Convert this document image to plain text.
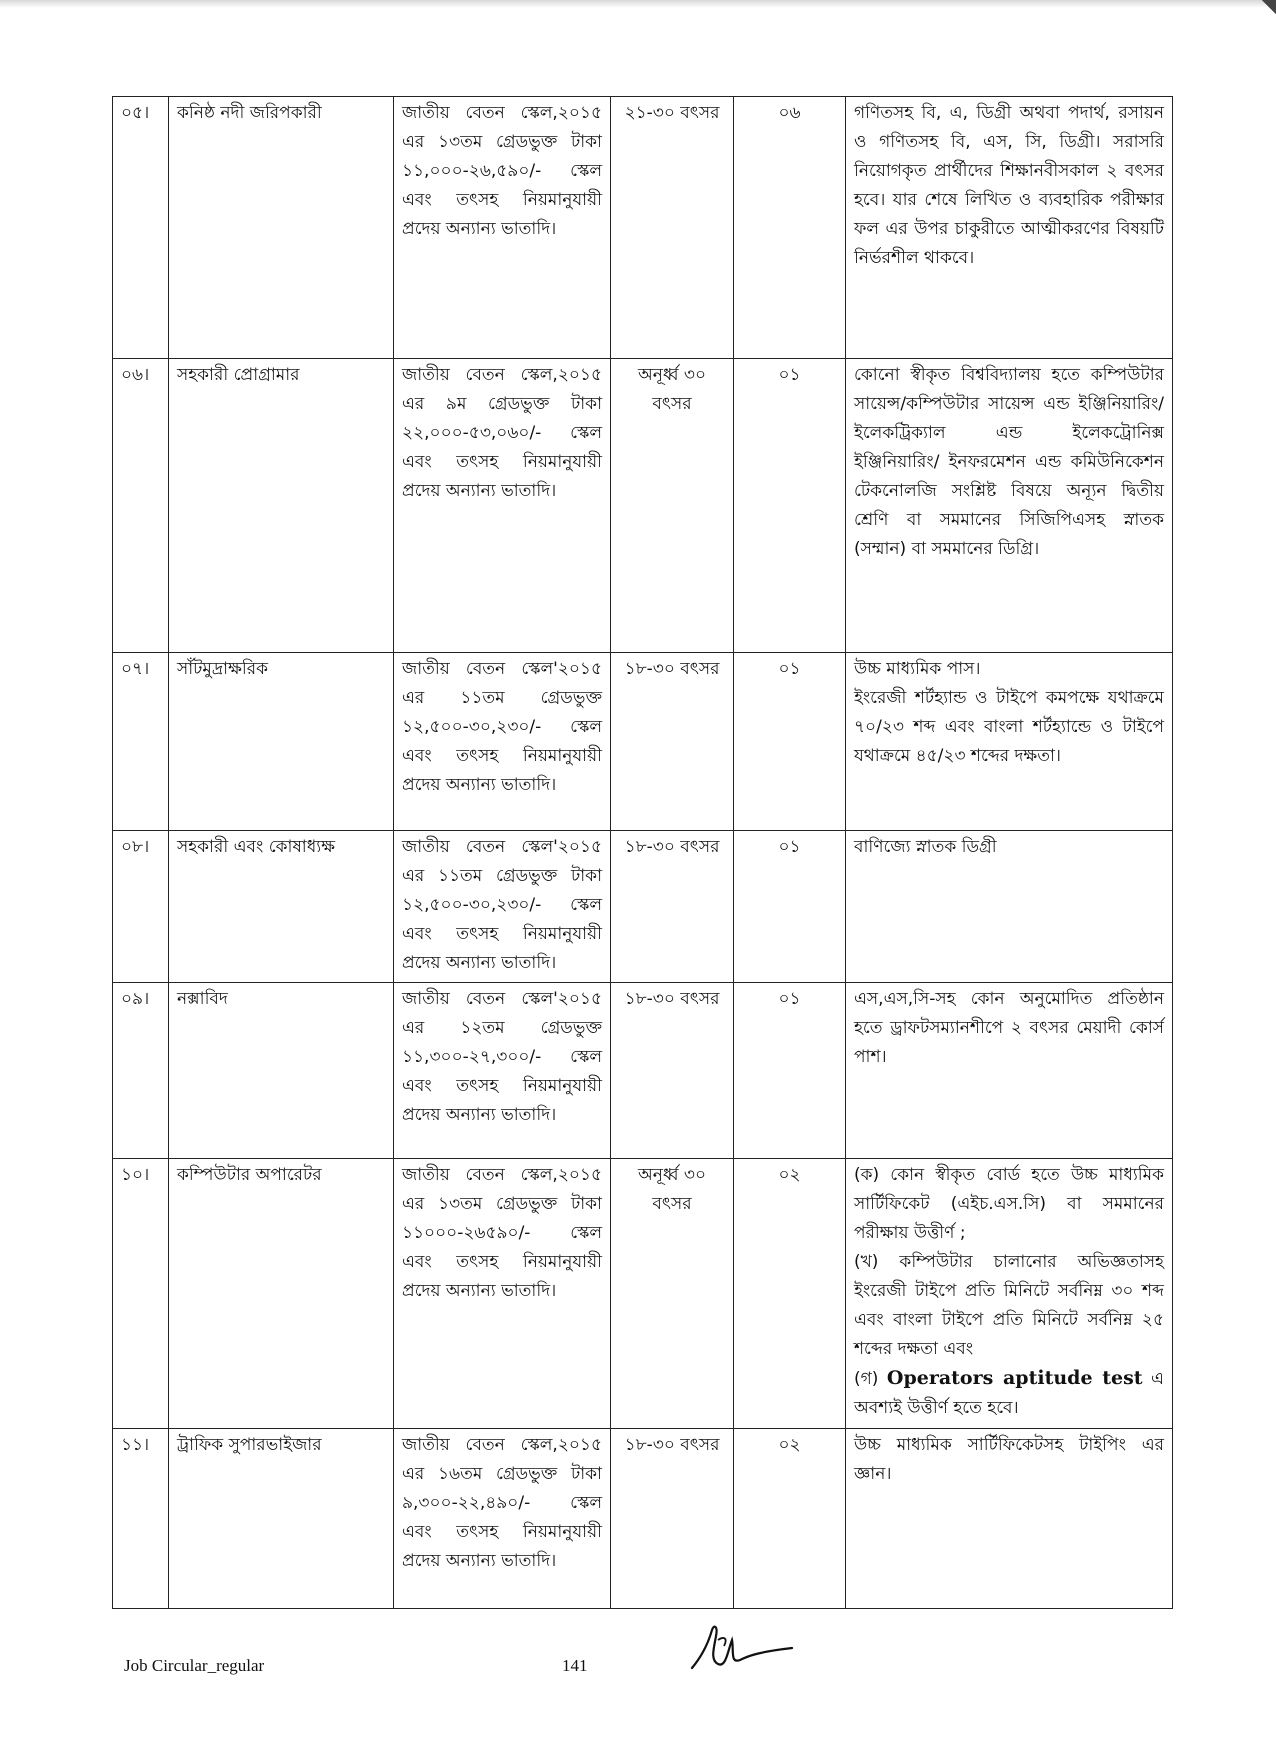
০৫।	কনিষ্ঠ নদী জরিপকারী	জাতীয় বেতন স্কেল,২০১৫ এর ১৩তম গ্রেডভুক্ত টাকা ১১,০০০-২৬,৫৯০/- স্কেল এবং তৎসহ নিয়মানুযায়ী প্রদেয় অন্যান্য ভাতাদি।	২১-৩০ বৎসর	০৬	গণিতসহ বি, এ, ডিগ্রী অথবা পদার্থ, রসায়ন ও গণিতসহ বি, এস, সি, ডিগ্রী। সরাসরি নিয়োগকৃত প্রার্থীদের শিক্ষানবীসকাল ২ বৎসর হবে। যার শেষে লিখিত ও ব্যবহারিক পরীক্ষার ফল এর উপর চাকুরীতে আত্মীকরণের বিষয়টি নির্ভরশীল থাকবে।
০৬।	সহকারী প্রোগ্রামার	জাতীয় বেতন স্কেল,২০১৫ এর ৯ম গ্রেডভুক্ত টাকা ২২,০০০-৫৩,০৬০/- স্কেল এবং তৎসহ নিয়মানুযায়ী প্রদেয় অন্যান্য ভাতাদি।	অনূর্ধ্ব ৩০ বৎসর	০১	কোনো স্বীকৃত বিশ্ববিদ্যালয় হতে কম্পিউটার সায়েন্স/কম্পিউটার সায়েন্স এন্ড ইঞ্জিনিয়ারিং/ ইলেকট্রিক্যাল এন্ড ইলেকট্রোনিক্স ইঞ্জিনিয়ারিং/ ইনফরমেশন এন্ড কমিউনিকেশন টেকনোলজি সংশ্লিষ্ট বিষয়ে অন্যূন দ্বিতীয় শ্রেণি বা সমমানের সিজিপিএসহ স্নাতক (সম্মান) বা সমমানের ডিগ্রি।
০৭।	সাঁটমুদ্রাক্ষরিক	জাতীয় বেতন স্কেল'২০১৫ এর ১১তম গ্রেডভুক্ত ১২,৫০০-৩০,২৩০/- স্কেল এবং তৎসহ নিয়মানুযায়ী প্রদেয় অন্যান্য ভাতাদি।	১৮-৩০ বৎসর	০১	উচ্চ মাধ্যমিক পাস।
ইংরেজী শর্টহ্যান্ড ও টাইপে কমপক্ষে যথাক্রমে ৭০/২৩ শব্দ এবং বাংলা শর্টহ্যান্ডে ও টাইপে যথাক্রমে ৪৫/২৩ শব্দের দক্ষতা।

০৮।	সহকারী এবং কোষাধ্যক্ষ	জাতীয় বেতন স্কেল'২০১৫ এর ১১তম গ্রেডভুক্ত টাকা ১২,৫০০-৩০,২৩০/- স্কেল এবং তৎসহ নিয়মানুযায়ী প্রদেয় অন্যান্য ভাতাদি।	১৮-৩০ বৎসর	০১	বাণিজ্যে স্নাতক ডিগ্রী
০৯।	নক্সাবিদ	জাতীয় বেতন স্কেল'২০১৫ এর ১২তম গ্রেডভুক্ত ১১,৩০০-২৭,৩০০/- স্কেল এবং তৎসহ নিয়মানুযায়ী প্রদেয় অন্যান্য ভাতাদি।	১৮-৩০ বৎসর	০১	এস,এস,সি-সহ কোন অনুমোদিত প্রতিষ্ঠান হতে ড্রাফটসম্যানশীপে ২ বৎসর মেয়াদী কোর্স পাশ।
১০।	কম্পিউটার অপারেটর	জাতীয় বেতন স্কেল,২০১৫ এর ১৩তম গ্রেডভুক্ত টাকা ১১০০০-২৬৫৯০/- স্কেল এবং তৎসহ নিয়মানুযায়ী প্রদেয় অন্যান্য ভাতাদি।	অনূর্ধ্ব ৩০ বৎসর	০২	(ক) কোন স্বীকৃত বোর্ড হতে উচ্চ মাধ্যমিক সার্টিফিকেট (এইচ.এস.সি) বা সমমানের পরীক্ষায় উত্তীর্ণ ;
(খ) কম্পিউটার চালানোর অভিজ্ঞতাসহ ইংরেজী টাইপে প্রতি মিনিটে সর্বনিম্ন ৩০ শব্দ এবং বাংলা টাইপে প্রতি মিনিটে সর্বনিম্ন ২৫ শব্দের দক্ষতা এবং
(গ) Operators aptitude test এ অবশ্যই উত্তীর্ণ হতে হবে।

১১।	ট্রাফিক সুপারভাইজার	জাতীয় বেতন স্কেল,২০১৫ এর ১৬তম গ্রেডভুক্ত টাকা ৯,৩০০-২২,৪৯০/- স্কেল এবং তৎসহ নিয়মানুযায়ী প্রদেয় অন্যান্য ভাতাদি।	১৮-৩০ বৎসর	০২	উচ্চ মাধ্যমিক সার্টিফিকেটসহ টাইপিং এর জ্ঞান।
Job Circular_regular	141
